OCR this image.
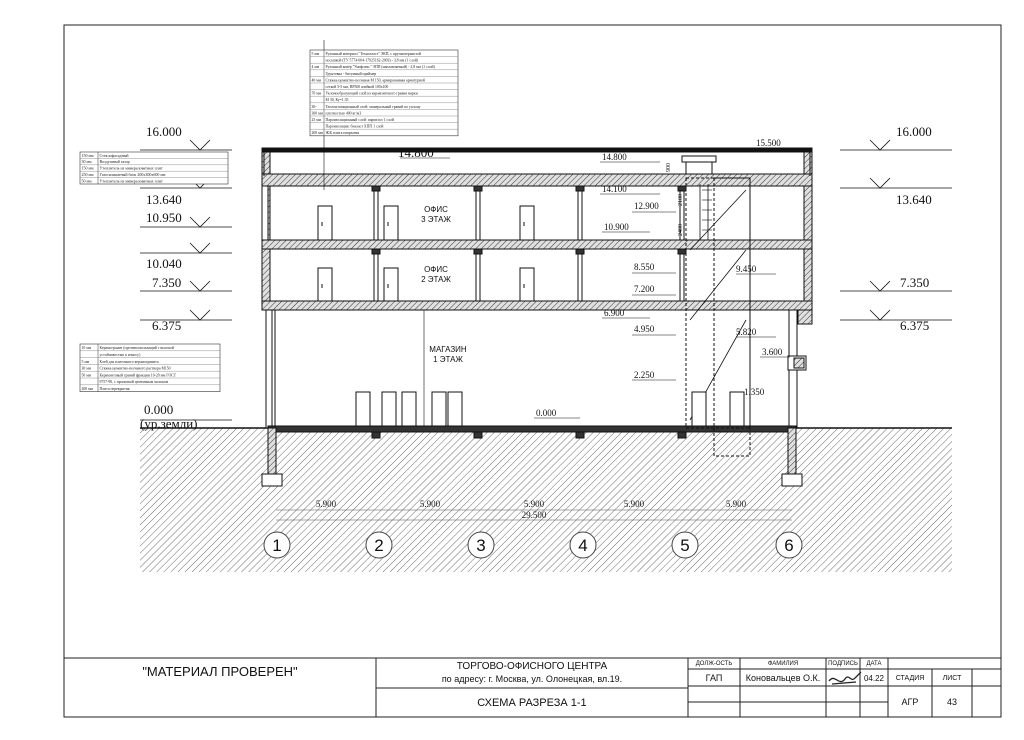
16.000
13.640
10.950
10.040
7.350
6.375
0.000
(ур.земли)
16.000
13.640
7.350
6.375
14.800	14.800
14.100
15.500
12.900
10.900
9.450
8.550
7.200
6.900
5.820
4.950
3.600
2.250
1.350
0.000
900
2100
2400
ОФИС
3 ЭТАЖ
ОФИС
2 ЭТАЖ
МАГАЗИН
1 ЭТАЖ
5.900	5.900	5.900	5.900	5.900
29.500
1	2	3	4	5	6
5 мм Рулонный материал "Техноэласт" ЭКП, с крупнозернистой
посыпкой (ТУ 5774-004-17925162-2003) - 3,8 мм (1 слой)
4 мм Рулонный ковёр "Унифлекс" ЭПП (наплавляемый) - 2,8 мм (1 слой)
Грунтовка - битумный праймер
40 мм Стяжка цементно-песчаная М 150, армированная арматурной
сеткой 5-5 мм, ВР500 ячейкой 100х100
70 мм Уклонообразующий слой из керамзитового гравия марки
М 30, Ку=1.35
30- Теплоизоляционный слой: минеральный гравий по уклону
300 мм плотностью 400 кг/м3
25 мм Пароизоляционный слой: пароизол 1 слой
Пароизоляция: биэласт ХПП 1 слой
200 мм Ж/Б плита покрытия
150 мм Стеклофасадный
30 мм Воздушный зазор
150 мм Утеплитель из минераловатных плит
250 мм Газосиликатный блок 200х300х600 мм
50 мм Утеплитель из минераловатных плит
10 мм Керамогранит (противоскользящий с высокой
устойчивостью к износу)
5 мм	Клей для плиточного керамогранита
30 мм Стяжка цементно-песчаного раствора М150
50 мм Керамзитовый гравий фракции 10-20 мм ГОСТ
9757-90, с пропиткой цементным молоком
200 мм Плита перекрытия
"МАТЕРИАЛ ПРОВЕРЕН"	ТОРГОВО-ОФИСНОГО ЦЕНТРА
по адресу: г. Москва, ул. Олонецкая, вл.19.
СХЕМА РАЗРЕЗА 1-1
ДОЛЖ-ОСТЬ	ФАМИЛИЯ	ПОДПИСЬ	ДАТА
ГАП	Коновальцев О.К.	04.22	СТАДИЯ	ЛИСТ
АГР	43
